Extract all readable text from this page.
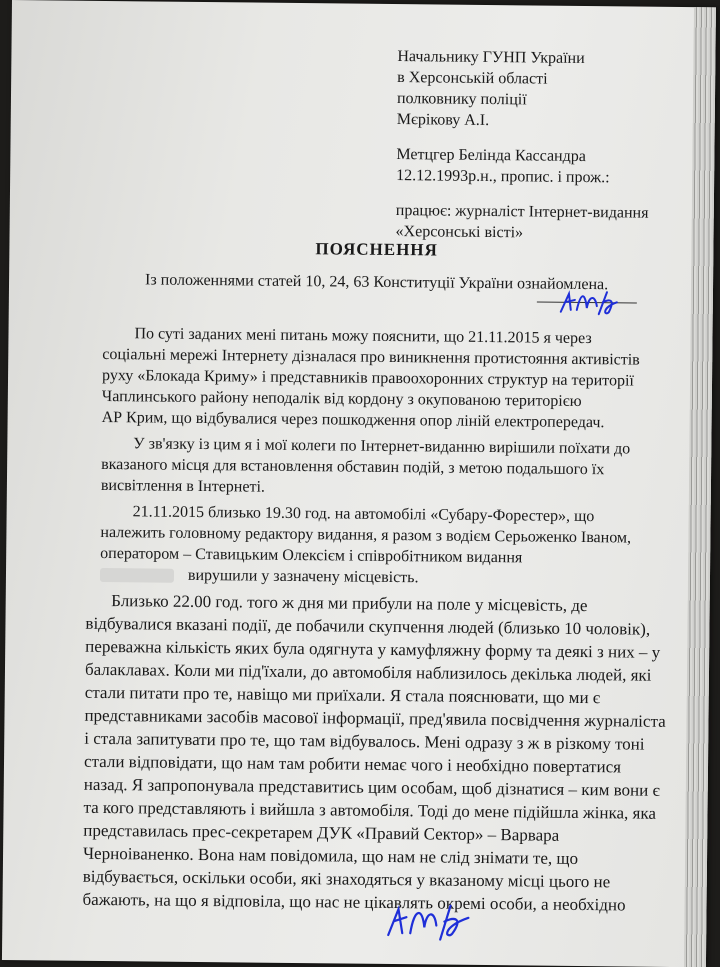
Начальнику ГУНП України
в Херсонській області
полковнику поліції
Мєрікову А.І.
Метцгер Белінда Кассандра
12.12.1993р.н., пропис. і прож.:
працює: журналіст Інтернет-видання
«Херсонські вісті»
ПОЯСНЕННЯ
Із положеннями статей 10, 24, 63 Конституції України ознайомлена.
По суті заданих мені питань можу пояснити, що 21.11.2015 я через
соціальні мережі Інтернету дізналася про виникнення протистояння активістів
руху «Блокада Криму» і представників правоохоронних структур на території
Чаплинського району неподалік від кордону з окупованою територією
АР Крим, що відбувалися через пошкодження опор ліній електропередач.
У зв'язку із цим я і мої колеги по Інтернет-виданню вирішили поїхати до
вказаного місця для встановлення обставин подій, з метою подальшого їх
висвітлення в Інтернеті.
21.11.2015 близько 19.30 год. на автомобілі «Субару-Форестер», що
належить головному редактору видання, я разом з водієм Серьоженко Іваном,
оператором – Ставицьким Олексієм і співробітником видання
вирушили у зазначену місцевість.
Близько 22.00 год. того ж дня ми прибули на поле у місцевість, де
відбувалися вказані події, де побачили скупчення людей (близько 10 чоловік),
переважна кількість яких була одягнута у камуфляжну форму та деякі з них – у
балаклавах. Коли ми під'їхали, до автомобіля наблизилось декілька людей, які
стали питати про те, навіщо ми приїхали. Я стала пояснювати, що ми є
представниками засобів масової інформації, пред'явила посвідчення журналіста
і стала запитувати про те, що там відбувалось. Мені одразу з ж в різкому тоні
стали відповідати, що нам там робити немає чого і необхідно повертатися
назад. Я запропонувала представитись цим особам, щоб дізнатися – ким вони є
та кого представляють і вийшла з автомобіля. Тоді до мене підійшла жінка, яка
представилась прес-секретарем ДУК «Правий Сектор» – Варвара
Черноіваненко. Вона нам повідомила, що нам не слід знімати те, що
відбувається, оскільки особи, які знаходяться у вказаному місці цього не
бажають, на що я відповіла, що нас не цікавлять окремі особи, а необхідно
